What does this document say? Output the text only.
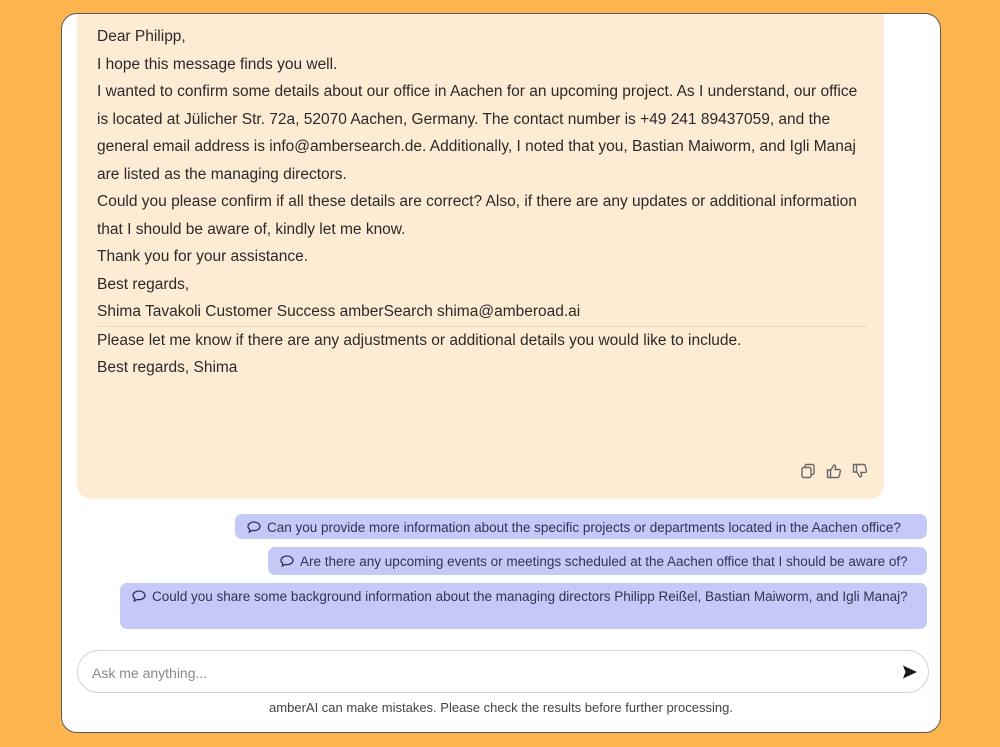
Dear Philipp,

I hope this message finds you well.

I wanted to confirm some details about our office in Aachen for an upcoming project. As I understand, our office is located at Jülicher Str. 72a, 52070 Aachen, Germany. The contact number is +49 241 89437059, and the general email address is info@ambersearch.de. Additionally, I noted that you, Bastian Maiworm, and Igli Manaj are listed as the managing directors.

Could you please confirm if all these details are correct? Also, if there are any updates or additional information that I should be aware of, kindly let me know.

Thank you for your assistance.

Best regards,

Shima Tavakoli Customer Success amberSearch shima@amberoad.ai

Please let me know if there are any adjustments or additional details you would like to include.

Best regards, Shima

Can you provide more information about the specific projects or departments located in the Aachen office?
Are there any upcoming events or meetings scheduled at the Aachen office that I should be aware of?
Could you share some background information about the managing directors Philipp Reißel, Bastian Maiworm, and Igli Manaj?
Ask me anything...
amberAI can make mistakes. Please check the results before further processing.
